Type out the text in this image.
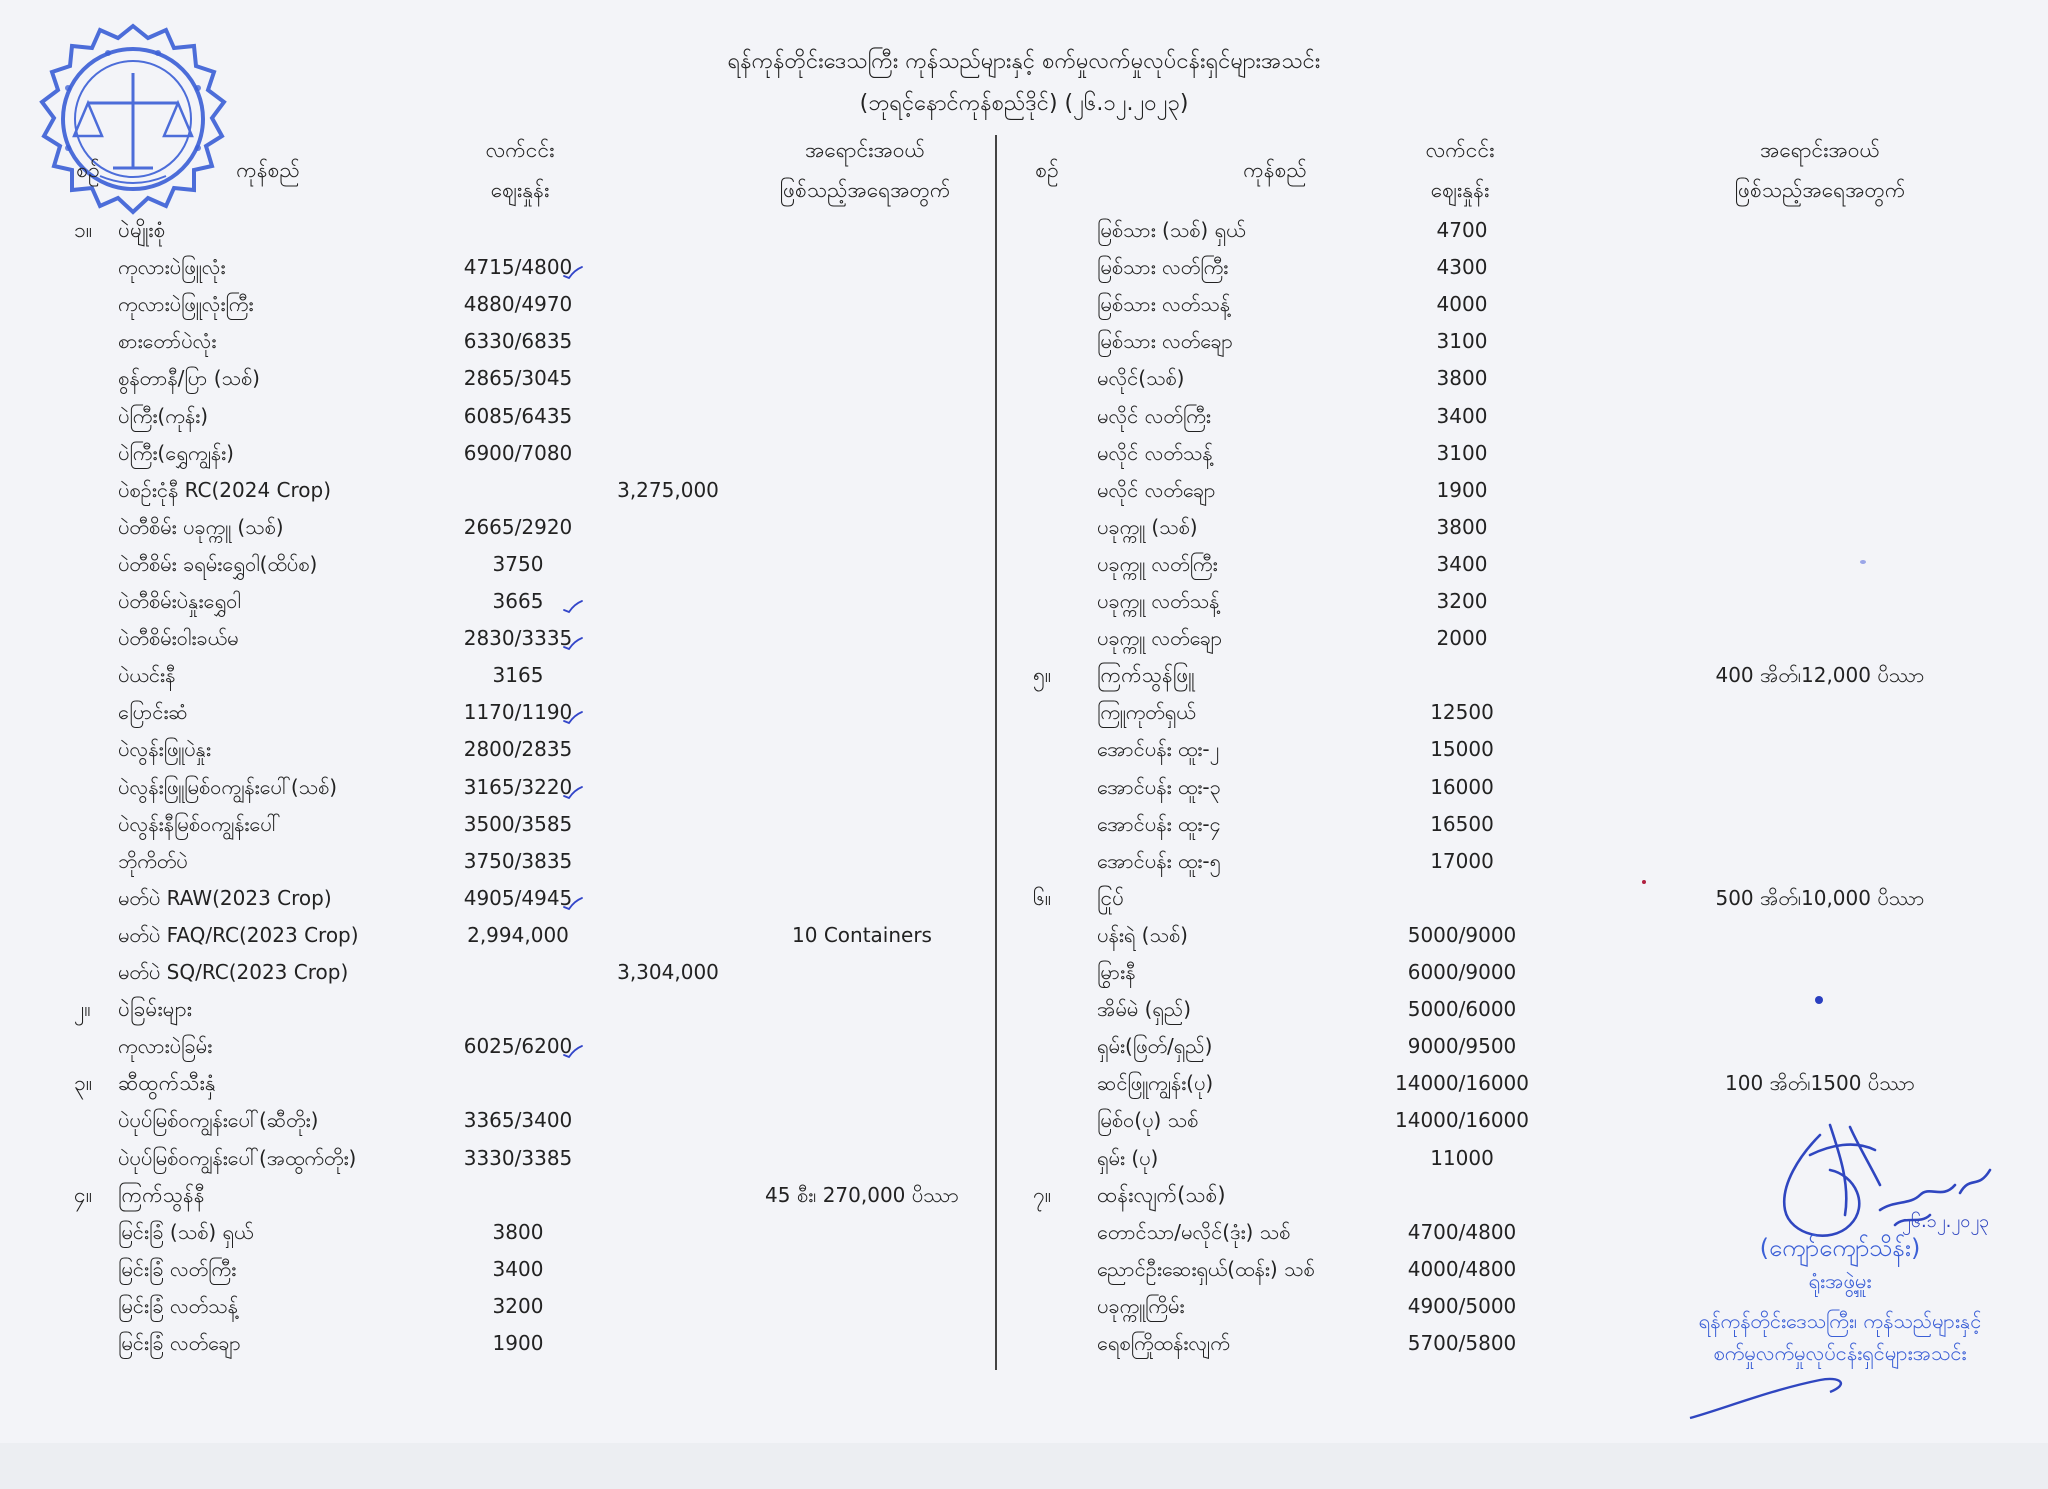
ရန်ကုန်တိုင်းဒေသကြီး ကုန်သည်များနှင့် စက်မှုလက်မှုလုပ်ငန်းရှင်များအသင်း
(ဘုရင့်နောင်ကုန်စည်ဒိုင်) (၂၆.၁၂.၂၀၂၃)
စဉ်	ကုန်စည်
လက်ငင်း
ဈေးနှုန်း
အရောင်းအဝယ်
ဖြစ်သည့်အရေအတွက်
စဉ်	ကုန်စည်
လက်ငင်း
ဈေးနှုန်း
အရောင်းအဝယ်
ဖြစ်သည့်အရေအတွက်
၁။ ပဲမျိုးစုံ
ကုလားပဲဖြူလုံး	4715/4800
ကုလားပဲဖြူလုံးကြီး	4880/4970
စားတော်ပဲလုံး	6330/6835
စွန်တာနီ/ပြာ (သစ်)	2865/3045
ပဲကြီး(ကုန်း)	6085/6435
ပဲကြီး(ရွှေကျွန်း)	6900/7080
ပဲစဉ်းငုံနီ RC(2024 Crop)	3,275,000
ပဲတီစိမ်း ပခုက္ကူ (သစ်)	2665/2920
ပဲတီစိမ်း ခရမ်းရွှေဝါ(ထိပ်စ)	3750
ပဲတီစိမ်းပဲနှုးရွှေဝါ	3665
ပဲတီစိမ်းဝါးခယ်မ	2830/3335
ပဲယင်းနီ	3165
ပြောင်းဆံ	1170/1190
ပဲလွန်းဖြူပဲနှုး	2800/2835
ပဲလွန်းဖြူမြစ်ဝကျွန်းပေါ်(သစ်)	3165/3220
ပဲလွန်းနီမြစ်ဝကျွန်းပေါ်	3500/3585
ဘိုကိတ်ပဲ	3750/3835
မတ်ပဲ RAW(2023 Crop)	4905/4945
မတ်ပဲ FAQ/RC(2023 Crop)	2,994,000	10 Containers
မတ်ပဲ SQ/RC(2023 Crop)	3,304,000
၂။ ပဲခြမ်းများ
ကုလားပဲခြမ်း	6025/6200
၃။ ဆီထွက်သီးနှံ
ပဲပုပ်မြစ်ဝကျွန်းပေါ်(ဆီတိုး)	3365/3400
ပဲပုပ်မြစ်ဝကျွန်းပေါ်(အထွက်တိုး)	3330/3385
၄။ ကြက်သွန်နီ	45 စီး၊ 270,000 ပိဿာ
မြင်းခြံ (သစ်) ရှယ်	3800
မြင်းခြံ လတ်ကြီး	3400
မြင်းခြံ လတ်သန့်	3200
မြင်းခြံ လတ်ချော	1900
မြစ်သား (သစ်) ရှယ်	4700
မြစ်သား လတ်ကြီး	4300
မြစ်သား လတ်သန့်	4000
မြစ်သား လတ်ချော	3100
မလိုင်(သစ်)	3800
မလိုင် လတ်ကြီး	3400
မလိုင် လတ်သန့်	3100
မလိုင် လတ်ချော	1900
ပခုက္ကူ (သစ်)	3800
ပခုက္ကူ လတ်ကြီး	3400
ပခုက္ကူ လတ်သန့်	3200
ပခုက္ကူ လတ်ချော	2000
၅။ ကြက်သွန်ဖြူ	400 အိတ်၊12,000 ပိဿာ
ကြူကုတ်ရှယ်	12500
အောင်ပန်း ထူး-၂	15000
အောင်ပန်း ထူး-၃	16000
အောင်ပန်း ထူး-၄	16500
အောင်ပန်း ထူး-၅	17000
၆။ ငြုပ်	500 အိတ်၊10,000 ပိဿာ
ပန်းရဲ (သစ်)	5000/9000
မြွားနီ	6000/9000
အိမ်မဲ (ရှည်)	5000/6000
ရှမ်း(ဖြတ်/ရှည်)	9000/9500
ဆင်ဖြူကျွန်း(ပု)	14000/16000	100 အိတ်၊1500 ပိဿာ
မြစ်ဝ(ပု) သစ်	14000/16000
ရှမ်း (ပု)	11000
၇။ ထန်းလျက်(သစ်)
တောင်သာ/မလိုင်(ဒုံး) သစ်	4700/4800
ညောင်ဦးဆေးရှယ်(ထန်း) သစ်	4000/4800
ပခုက္ကူကြိမ်း	4900/5000
ရေစကြိုထန်းလျက်	5700/5800
၂၆.၁၂.၂၀၂၃
(ကျော်ကျော်သိန်း)
ရုံးအဖွဲ့မှူး
ရန်ကုန်တိုင်းဒေသကြီး၊ ကုန်သည်များနှင့်
စက်မှုလက်မှုလုပ်ငန်းရှင်များအသင်း
